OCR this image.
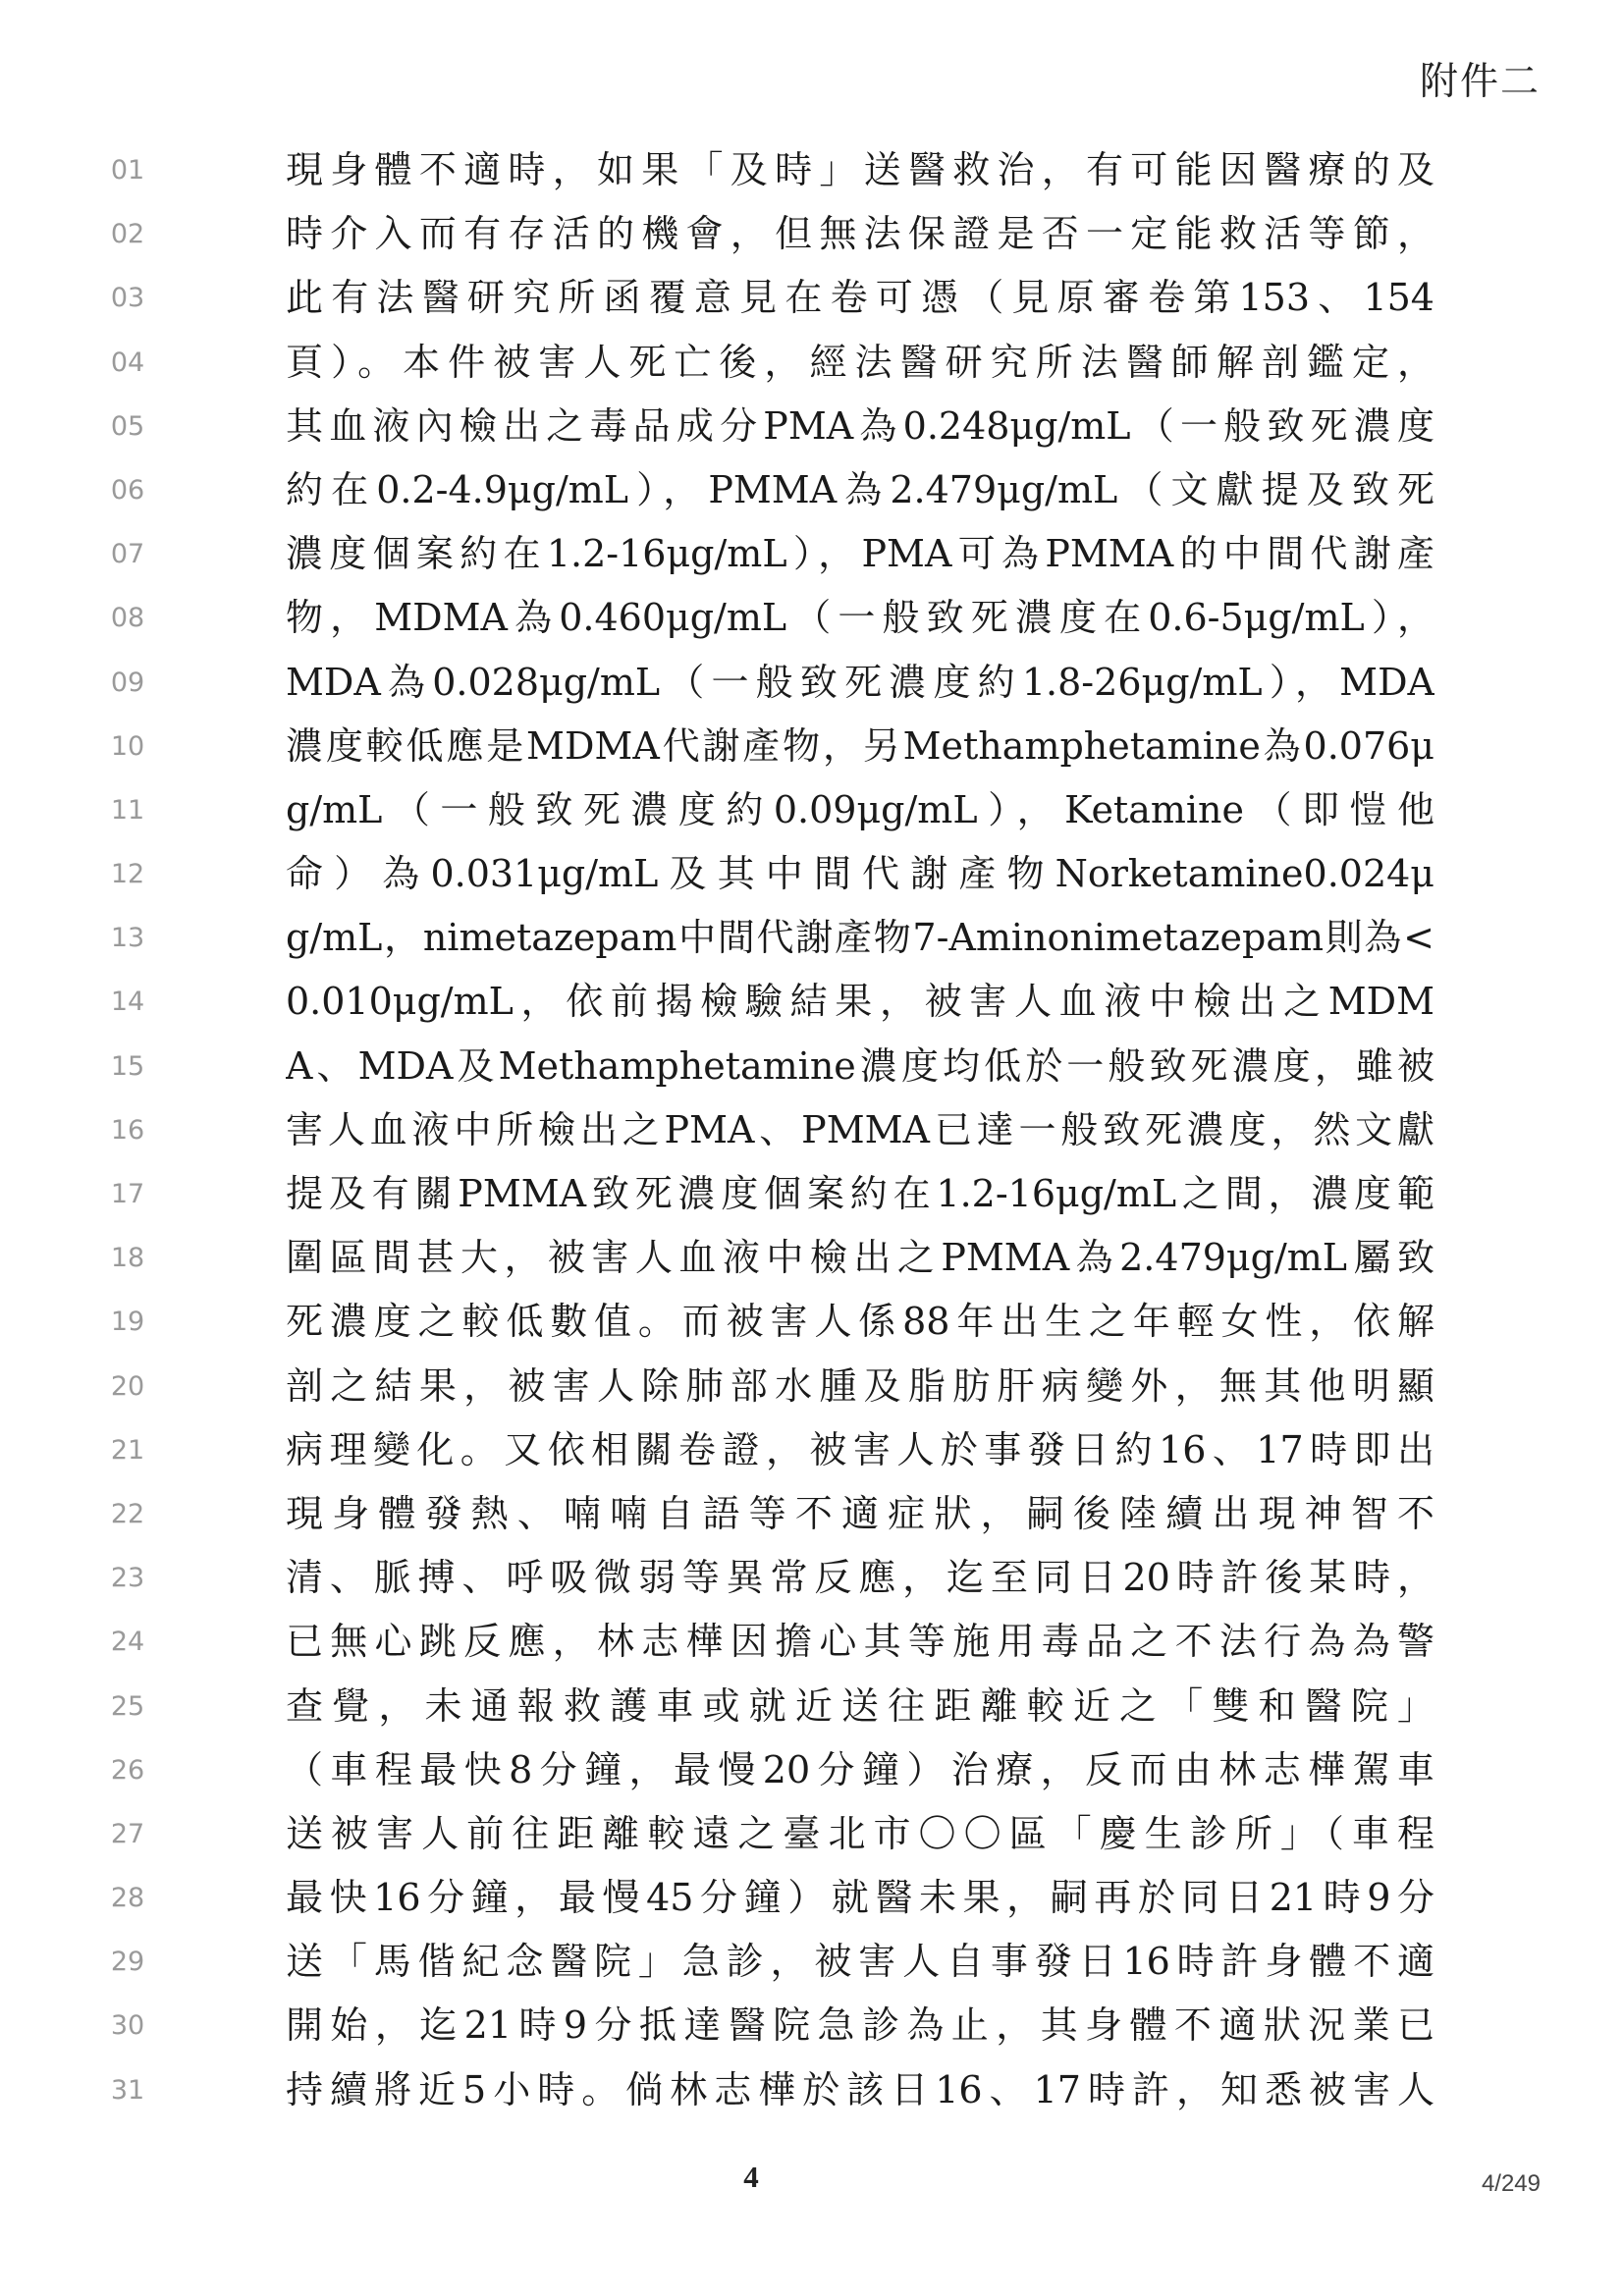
附件二
01	現身體不適時，如果「及時」送醫救治，有可能因醫療的及
02	時介入而有存活的機會，但無法保證是否一定能救活等節，
03	此有法醫研究所函覆意見在卷可憑（見原審卷第153、154
04	頁）。本件被害人死亡後，經法醫研究所法醫師解剖鑑定，
05	其血液內檢出之毒品成分PMA為0.248μg/mL（一般致死濃度
06	約在0.2-4.9μg/mL），PMMA為2.479μg/mL（文獻提及致死
07	濃度個案約在1.2-16μg/mL），PMA可為PMMA的中間代謝產
08	物，MDMA為0.460μg/mL（一般致死濃度在0.6-5μg/mL），
09	MDA為0.028μg/mL（一般致死濃度約1.8-26μg/mL），MDA
10	濃度較低應是MDMA代謝產物，另Methamphetamine為0.076μ
11	g/mL（一般致死濃度約0.09μg/mL），Ketamine（即愷他
12	命）為0.031μg/mL及其中間代謝產物Norketamine0.024μ
13	g/mL，nimetazepam中間代謝產物7-Aminonimetazepam則為<
14	0.010μg/mL，依前揭檢驗結果，被害人血液中檢出之MDM
15	A、MDA及Methamphetamine濃度均低於一般致死濃度，雖被
16	害人血液中所檢出之PMA、PMMA已達一般致死濃度，然文獻
17	提及有關PMMA致死濃度個案約在1.2-16μg/mL之間，濃度範
18	圍區間甚大，被害人血液中檢出之PMMA為2.479μg/mL屬致
19	死濃度之較低數值。而被害人係88年出生之年輕女性，依解
20	剖之結果，被害人除肺部水腫及脂肪肝病變外，無其他明顯
21	病理變化。又依相關卷證，被害人於事發日約16、17時即出
22	現身體發熱、喃喃自語等不適症狀，嗣後陸續出現神智不
23	清、脈搏、呼吸微弱等異常反應，迄至同日20時許後某時，
24	已無心跳反應，林志樺因擔心其等施用毒品之不法行為為警
25	查覺，未通報救護車或就近送往距離較近之「雙和醫院」
26	（車程最快8分鐘，最慢20分鐘）治療，反而由林志樺駕車
27	送被害人前往距離較遠之臺北市〇〇區「慶生診所」（車程
28	最快16分鐘，最慢45分鐘）就醫未果，嗣再於同日21時9分
29	送「馬偕紀念醫院」急診，被害人自事發日16時許身體不適
30	開始，迄21時9分抵達醫院急診為止，其身體不適狀況業已
31	持續將近5小時。倘林志樺於該日16、17時許，知悉被害人
4	4/249
